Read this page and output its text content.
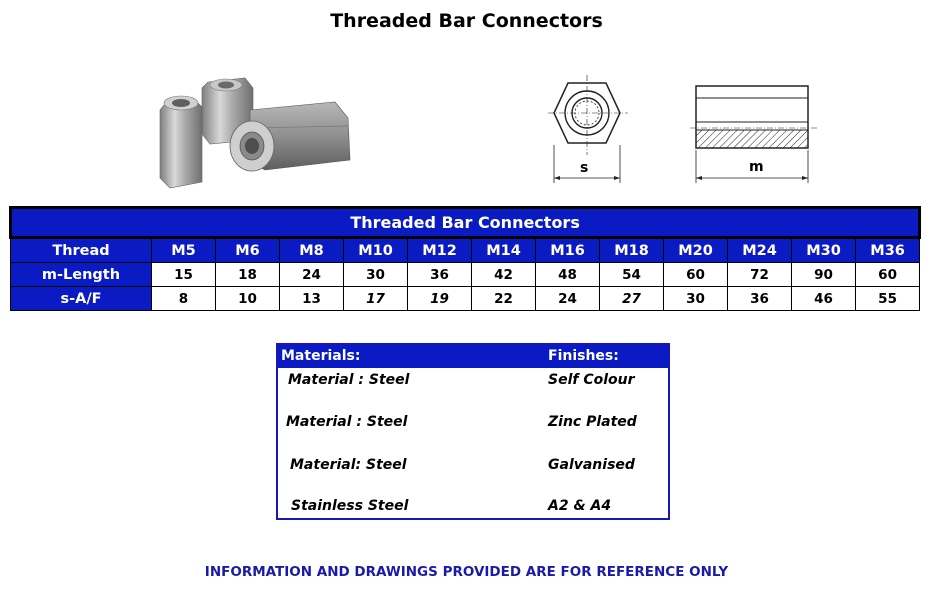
Threaded Bar Connectors
s	m
Threaded Bar Connectors												
Thread	M5	M6	M8	M10	M12	M14	M16	M18	M20	M24	M30	M36
m-Length	15	18	24	30	36	42	48	54	60	72	90	60
s-A/F	8	10	13	17	19	22	24	27	30	36	46	55
Materials:	Finishes:
Material : Steel	Self Colour
Material : Steel	Zinc Plated
Material: Steel	Galvanised
Stainless Steel	A2 & A4
INFORMATION AND DRAWINGS PROVIDED ARE FOR REFERENCE ONLY
